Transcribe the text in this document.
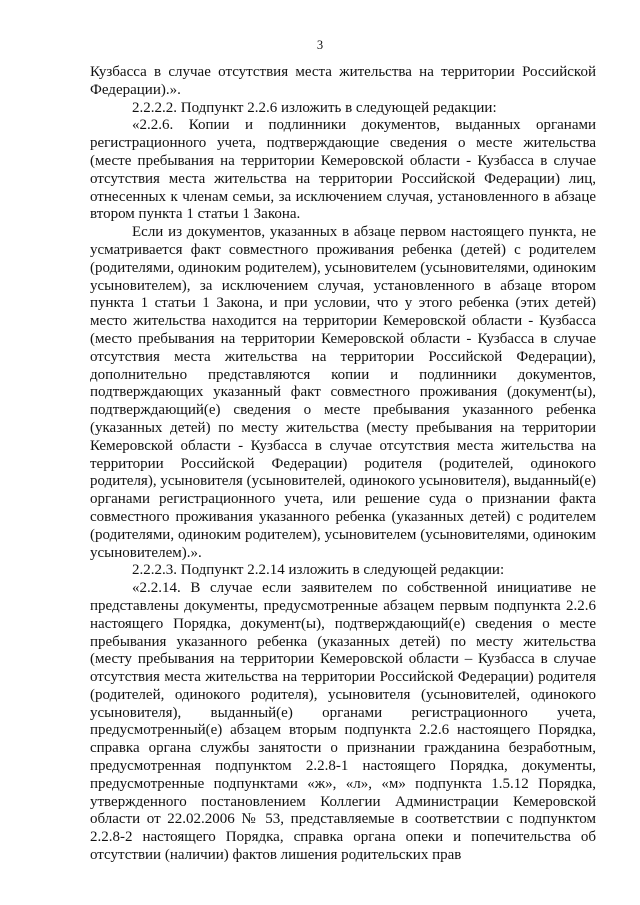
3

Кузбасса в случае отсутствия места жительства на территории Российской Федерации).».

2.2.2.2. Подпункт 2.2.6 изложить в следующей редакции:

«2.2.6. Копии и подлинники документов, выданных органами регистрационного учета, подтверждающие сведения о месте жительства (месте пребывания на территории Кемеровской области - Кузбасса в случае отсутствия места жительства на территории Российской Федерации) лиц, отнесенных к членам семьи, за исключением случая, установленного в абзаце втором пункта 1 статьи 1 Закона.

Если из документов, указанных в абзаце первом настоящего пункта, не усматривается факт совместного проживания ребенка (детей) с родителем (родителями, одиноким родителем), усыновителем (усыновителями, одиноким усыновителем), за исключением случая, установленного в абзаце втором пункта 1 статьи 1 Закона, и при условии, что у этого ребенка (этих детей) место жительства находится на территории Кемеровской области - Кузбасса (место пребывания на территории Кемеровской области - Кузбасса в случае отсутствия места жительства на территории Российской Федерации), дополнительно представляются копии и подлинники документов, подтверждающих указанный факт совместного проживания (документ(ы), подтверждающий(е) сведения о месте пребывания указанного ребенка (указанных детей) по месту жительства (месту пребывания на территории Кемеровской области - Кузбасса в случае отсутствия места жительства на территории Российской Федерации) родителя (родителей, одинокого родителя), усыновителя (усыновителей, одинокого усыновителя), выданный(е) органами регистрационного учета, или решение суда о признании факта совместного проживания указанного ребенка (указанных детей) с родителем (родителями, одиноким родителем), усыновителем (усыновителями, одиноким усыновителем).».

2.2.2.3. Подпункт 2.2.14 изложить в следующей редакции:

«2.2.14. В случае если заявителем по собственной инициативе не представлены документы, предусмотренные абзацем первым подпункта 2.2.6 настоящего Порядка, документ(ы), подтверждающий(е) сведения о месте пребывания указанного ребенка (указанных детей) по месту жительства (месту пребывания на территории Кемеровской области – Кузбасса в случае отсутствия места жительства на территории Российской Федерации) родителя (родителей, одинокого родителя), усыновителя (усыновителей, одинокого усыновителя), выданный(е) органами регистрационного учета, предусмотренный(е) абзацем вторым подпункта 2.2.6 настоящего Порядка, справка органа службы занятости о признании гражданина безработным, предусмотренная подпунктом 2.2.8-1 настоящего Порядка, документы, предусмотренные подпунктами «ж», «л», «м» подпункта 1.5.12 Порядка, утвержденного постановлением Коллегии Администрации Кемеровской области от 22.02.2006 № 53, представляемые в соответствии с подпунктом 2.2.8-2 настоящего Порядка, справка органа опеки и попечительства об отсутствии (наличии) фактов лишения родительских прав
